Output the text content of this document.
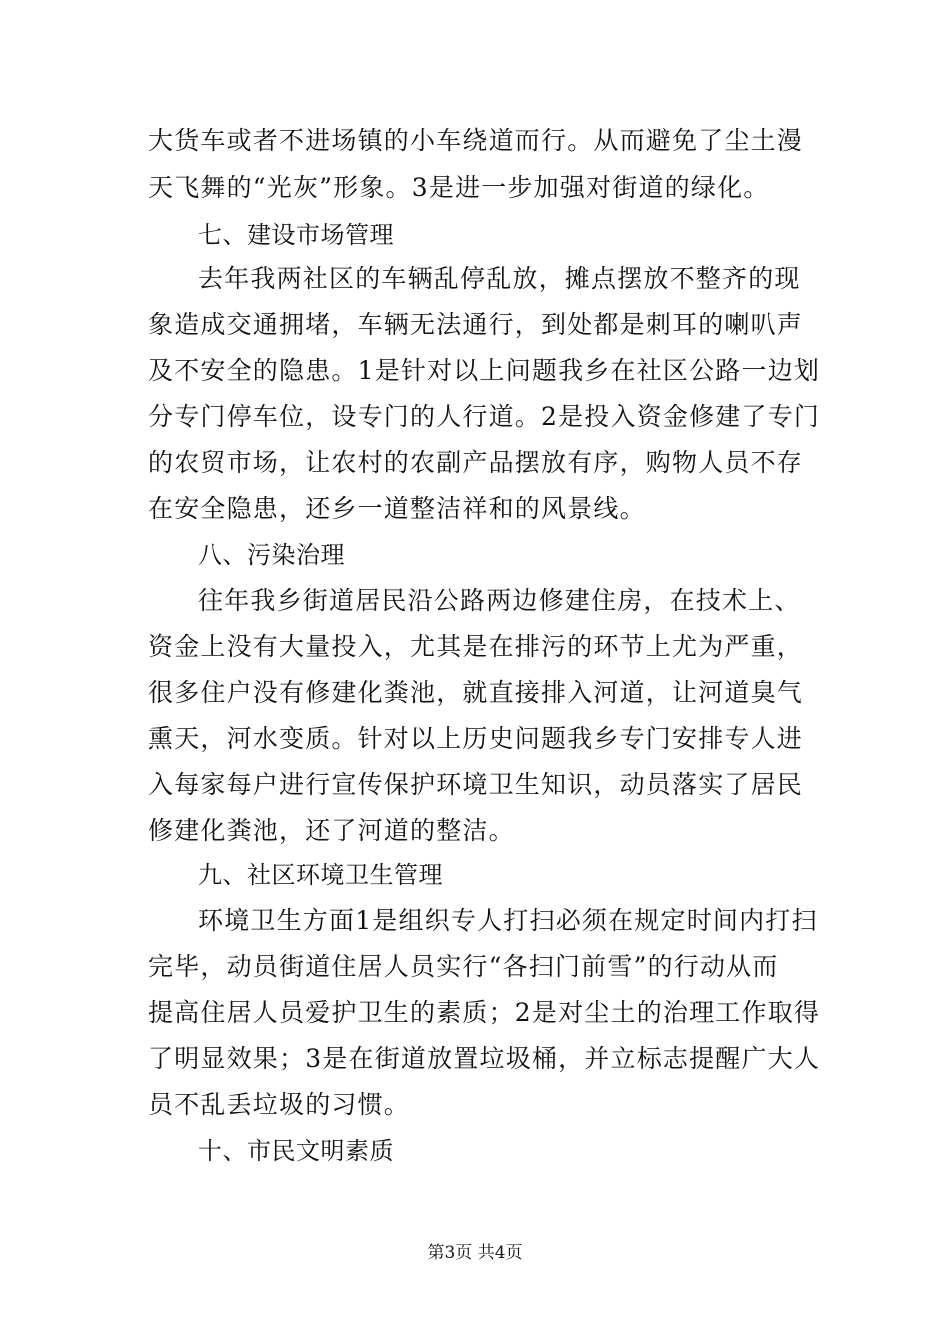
大货车或者不进场镇的小车绕道而行。从而避免了尘土漫
天飞舞的“光灰”形象。3是进一步加强对街道的绿化。
七、建设市场管理
去年我两社区的车辆乱停乱放，摊点摆放不整齐的现
象造成交通拥堵，车辆无法通行，到处都是刺耳的喇叭声
及不安全的隐患。1是针对以上问题我乡在社区公路一边划
分专门停车位，设专门的人行道。2是投入资金修建了专门
的农贸市场，让农村的农副产品摆放有序，购物人员不存
在安全隐患，还乡一道整洁祥和的风景线。
八、污染治理
往年我乡街道居民沿公路两边修建住房，在技术上、
资金上没有大量投入，尤其是在排污的环节上尤为严重，
很多住户没有修建化粪池，就直接排入河道，让河道臭气
熏天，河水变质。针对以上历史问题我乡专门安排专人进
入每家每户进行宣传保护环境卫生知识，动员落实了居民
修建化粪池，还了河道的整洁。
九、社区环境卫生管理
环境卫生方面1是组织专人打扫必须在规定时间内打扫
完毕，动员街道住居人员实行“各扫门前雪”的行动从而
提高住居人员爱护卫生的素质；2是对尘土的治理工作取得
了明显效果；3是在街道放置垃圾桶，并立标志提醒广大人
员不乱丢垃圾的习惯。
十、市民文明素质
第3页 共4页
